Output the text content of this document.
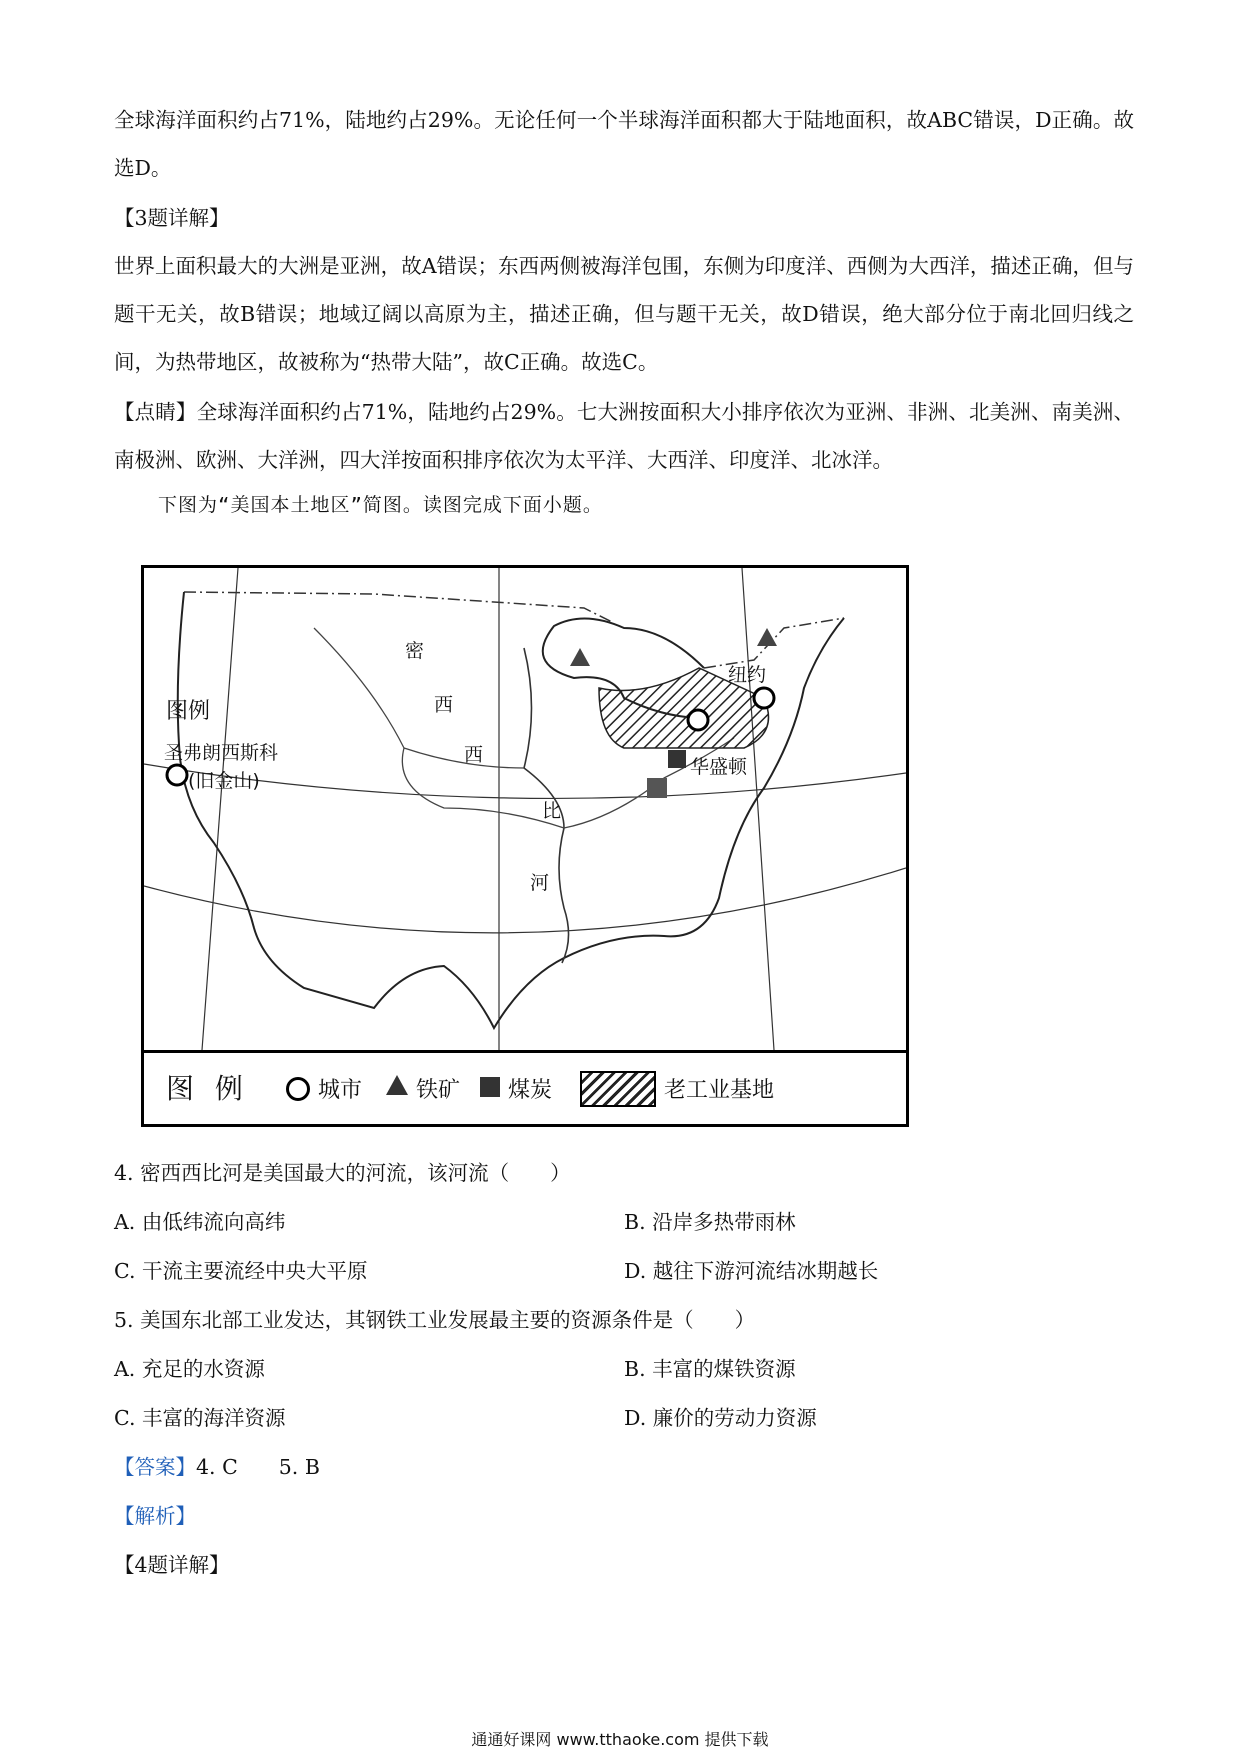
全球海洋面积约占71%，陆地约占29%。无论任何一个半球海洋面积都大于陆地面积，故ABC错误，D正确。故选D。

【3题详解】

世界上面积最大的大洲是亚洲，故A错误；东西两侧被海洋包围，东侧为印度洋、西侧为大西洋，描述正确，但与题干无关，故B错误；地域辽阔以高原为主，描述正确，但与题干无关，故D错误，绝大部分位于南北回归线之间，为热带地区，故被称为“热带大陆”，故C正确。故选C。

【点睛】全球海洋面积约占71%，陆地约占29%。七大洲按面积大小排序依次为亚洲、非洲、北美洲、南美洲、南极洲、欧洲、大洋洲，四大洋按面积排序依次为太平洋、大西洋、印度洋、北冰洋。

下图为“美国本土地区”简图。读图完成下面小题。
密
西
西
比
河
图例
圣弗朗西斯科
(旧金山)
纽约
华盛顿
图 例	城市 铁矿 煤炭	老工业基地
4. 密西西比河是美国最大的河流，该河流（　　）
A. 由低纬流向高纬	B. 沿岸多热带雨林
C. 干流主要流经中央大平原	D. 越往下游河流结冰期越长
5. 美国东北部工业发达，其钢铁工业发展最主要的资源条件是（　　）
A. 充足的水资源	B. 丰富的煤铁资源
C. 丰富的海洋资源	D. 廉价的劳动力资源
【答案】4. C　　5. B
【解析】
【4题详解】
通通好课网 www.tthaoke.com 提供下载
